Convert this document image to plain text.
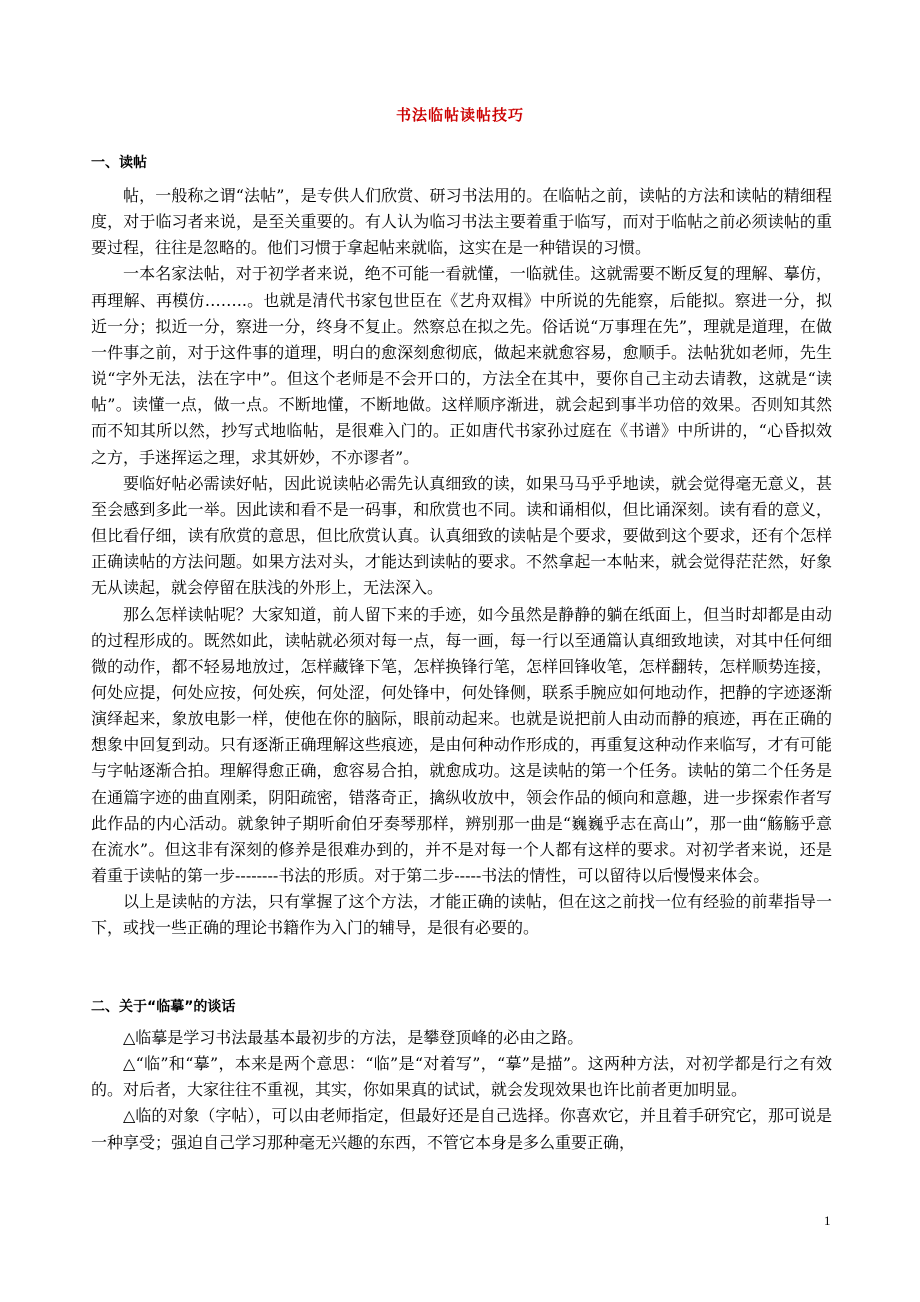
书法临帖读帖技巧
一、读帖

帖，一般称之谓“法帖”，是专供人们欣赏、研习书法用的。在临帖之前，读帖的方法和读帖的精细程度，对于临习者来说，是至关重要的。有人认为临习书法主要着重于临写，而对于临帖之前必须读帖的重要过程，往往是忽略的。他们习惯于拿起帖来就临，这实在是一种错误的习惯。

一本名家法帖，对于初学者来说，绝不可能一看就懂，一临就佳。这就需要不断反复的理解、摹仿，再理解、再模仿……..。也就是清代书家包世臣在《艺舟双楫》中所说的先能察，后能拟。察进一分，拟近一分；拟近一分，察进一分，终身不复止。然察总在拟之先。俗话说“万事理在先”，理就是道理，在做一件事之前，对于这件事的道理，明白的愈深刻愈彻底，做起来就愈容易，愈顺手。法帖犹如老师，先生说“字外无法，法在字中”。但这个老师是不会开口的，方法全在其中，要你自己主动去请教，这就是“读帖”。读懂一点，做一点。不断地懂，不断地做。这样顺序渐进，就会起到事半功倍的效果。否则知其然而不知其所以然，抄写式地临帖，是很难入门的。正如唐代书家孙过庭在《书谱》中所讲的，“心昏拟效之方，手迷挥运之理，求其妍妙，不亦谬者”。

要临好帖必需读好帖，因此说读帖必需先认真细致的读，如果马马乎乎地读，就会觉得毫无意义，甚至会感到多此一举。因此读和看不是一码事，和欣赏也不同。读和诵相似，但比诵深刻。读有看的意义，但比看仔细，读有欣赏的意思，但比欣赏认真。认真细致的读帖是个要求，要做到这个要求，还有个怎样正确读帖的方法问题。如果方法对头，才能达到读帖的要求。不然拿起一本帖来，就会觉得茫茫然，好象无从读起，就会停留在肤浅的外形上，无法深入。

那么怎样读帖呢？大家知道，前人留下来的手迹，如今虽然是静静的躺在纸面上，但当时却都是由动的过程形成的。既然如此，读帖就必须对每一点，每一画，每一行以至通篇认真细致地读，对其中任何细微的动作，都不轻易地放过，怎样藏锋下笔，怎样换锋行笔，怎样回锋收笔，怎样翻转，怎样顺势连接，何处应提，何处应按，何处疾，何处涩，何处锋中，何处锋侧，联系手腕应如何地动作，把静的字迹逐渐演绎起来，象放电影一样，使他在你的脑际，眼前动起来。也就是说把前人由动而静的痕迹，再在正确的想象中回复到动。只有逐渐正确理解这些痕迹，是由何种动作形成的，再重复这种动作来临写，才有可能与字帖逐渐合拍。理解得愈正确，愈容易合拍，就愈成功。这是读帖的第一个任务。读帖的第二个任务是在通篇字迹的曲直刚柔，阴阳疏密，错落奇正，擒纵收放中，领会作品的倾向和意趣，进一步探索作者写此作品的内心活动。就象钟子期听俞伯牙奏琴那样，辨别那一曲是“巍巍乎志在高山”，那一曲“觞觞乎意在流水”。但这非有深刻的修养是很难办到的，并不是对每一个人都有这样的要求。对初学者来说，还是着重于读帖的第一步--------书法的形质。对于第二步-----书法的情性，可以留待以后慢慢来体会。

以上是读帖的方法，只有掌握了这个方法，才能正确的读帖，但在这之前找一位有经验的前辈指导一下，或找一些正确的理论书籍作为入门的辅导，是很有必要的。

二、关于“临摹”的谈话

△临摹是学习书法最基本最初步的方法，是攀登顶峰的必由之路。

△“临”和“摹”，本来是两个意思：“临”是“对着写”，“摹”是描”。这两种方法，对初学都是行之有效的。对后者，大家往往不重视，其实，你如果真的试试，就会发现效果也许比前者更加明显。

△临的对象（字帖），可以由老师指定，但最好还是自己选择。你喜欢它，并且着手研究它，那可说是一种享受；强迫自己学习那种毫无兴趣的东西，不管它本身是多么重要正确，

1
